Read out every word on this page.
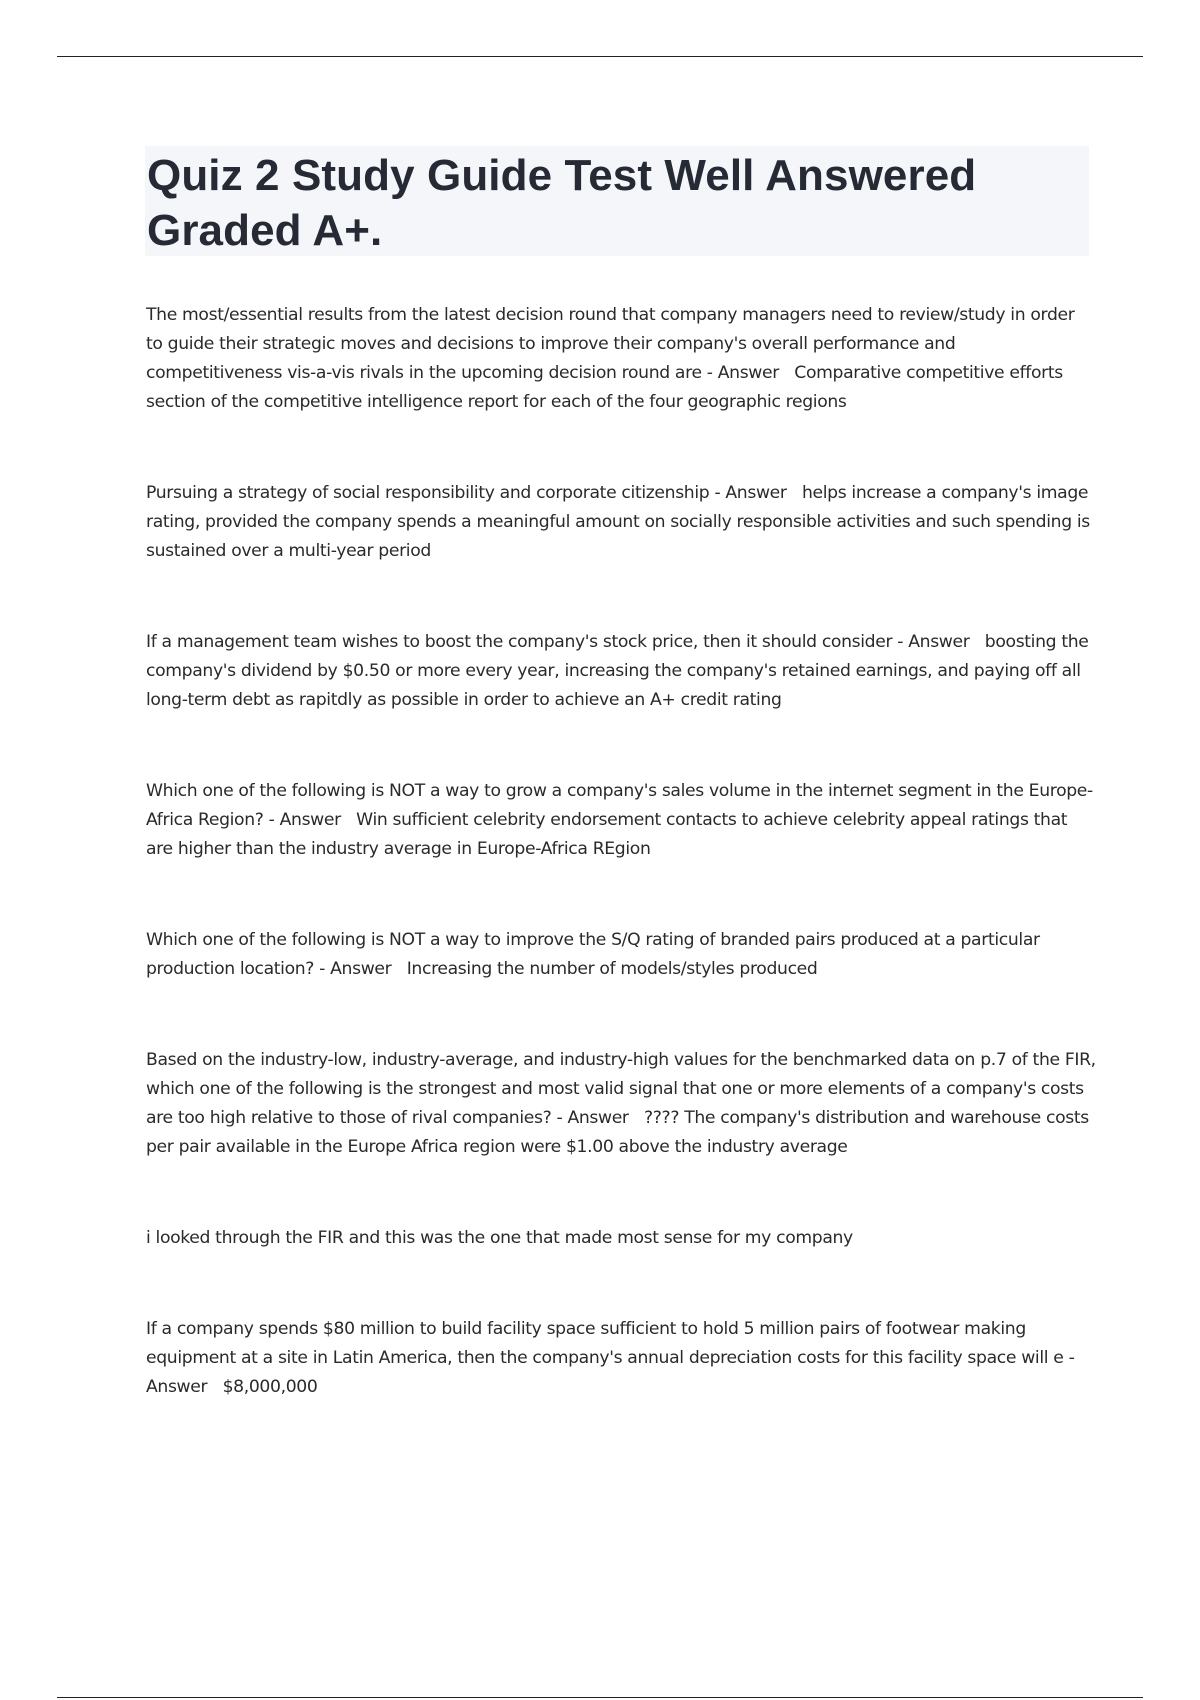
Quiz 2 Study Guide Test Well Answered Graded A+.

The most/essential results from the latest decision round that company managers need to review/study in order to guide their strategic moves and decisions to improve their company's overall performance and competitiveness vis-a-vis rivals in the upcoming decision round are - Answer Comparative competitive efforts section of the competitive intelligence report for each of the four geographic regions

Pursuing a strategy of social responsibility and corporate citizenship - Answer helps increase a company's image rating, provided the company spends a meaningful amount on socially responsible activities and such spending is sustained over a multi-year period

If a management team wishes to boost the company's stock price, then it should consider - Answer boosting the company's dividend by $0.50 or more every year, increasing the company's retained earnings, and paying off all long-term debt as rapitdly as possible in order to achieve an A+ credit rating

Which one of the following is NOT a way to grow a company's sales volume in the internet segment in the Europe-Africa Region? - Answer Win sufficient celebrity endorsement contacts to achieve celebrity appeal ratings that are higher than the industry average in Europe-Africa REgion

Which one of the following is NOT a way to improve the S/Q rating of branded pairs produced at a particular production location? - Answer Increasing the number of models/styles produced

Based on the industry-low, industry-average, and industry-high values for the benchmarked data on p.7 of the FIR, which one of the following is the strongest and most valid signal that one or more elements of a company's costs are too high relative to those of rival companies? - Answer ???? The company's distribution and warehouse costs per pair available in the Europe Africa region were $1.00 above the industry average

i looked through the FIR and this was the one that made most sense for my company

If a company spends $80 million to build facility space sufficient to hold 5 million pairs of footwear making equipment at a site in Latin America, then the company's annual depreciation costs for this facility space will e - Answer $8,000,000
